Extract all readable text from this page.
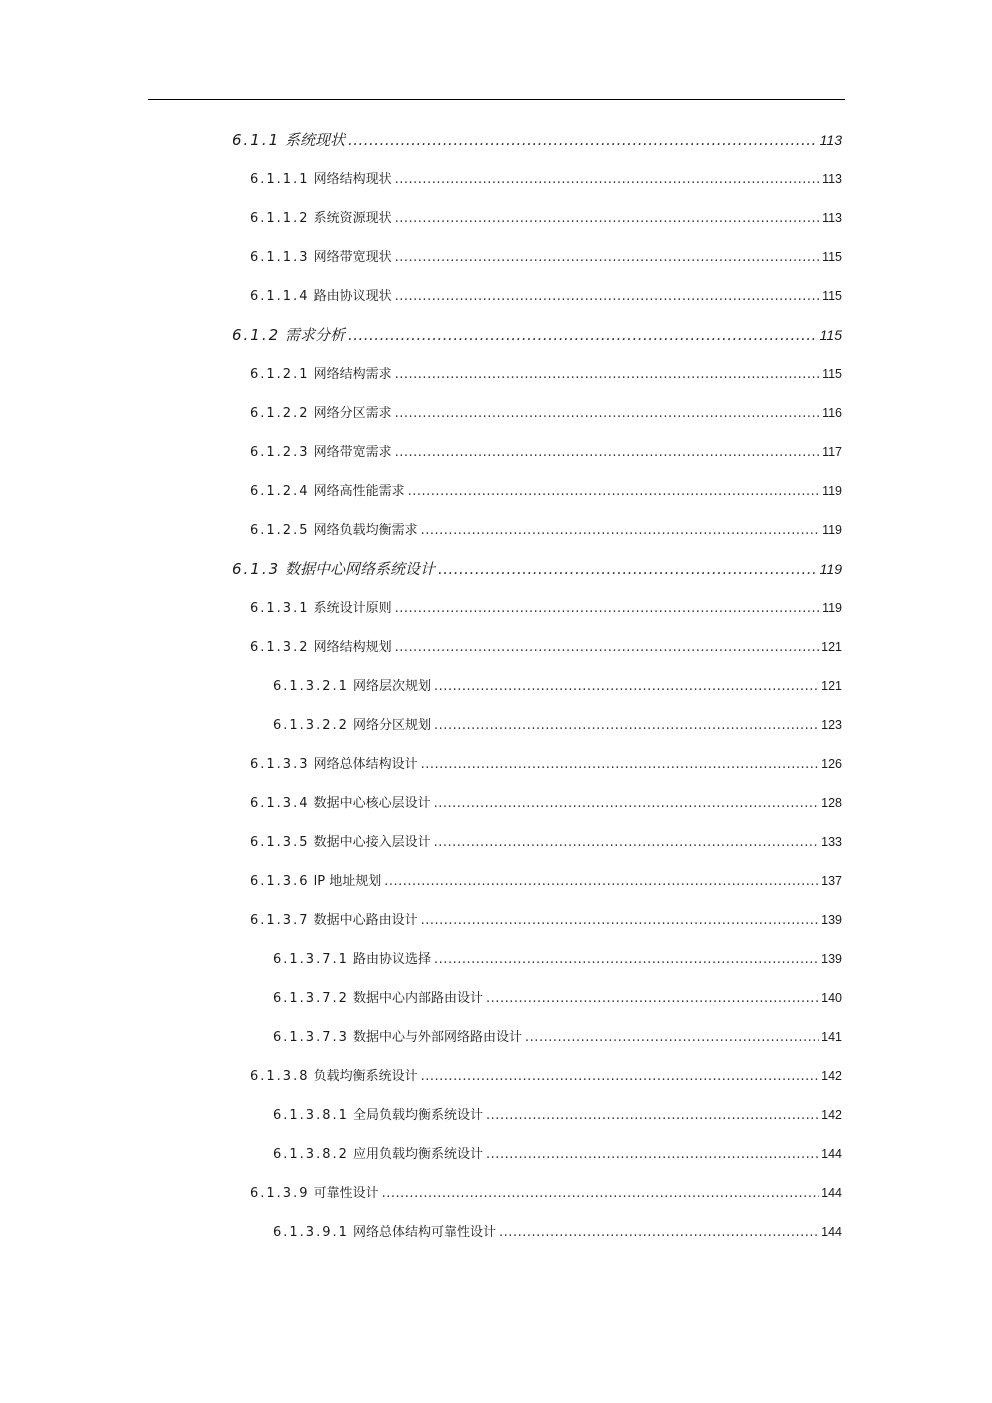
6.1.1 系统现状 .....	113
6.1.1.1 网络结构现状 .....	113
6.1.1.2 系统资源现状 .....	113
6.1.1.3 网络带宽现状 .....	115
6.1.1.4 路由协议现状 .....	115
6.1.2 需求分析 .....	115
6.1.2.1 网络结构需求 .....	115
6.1.2.2 网络分区需求 .....	116
6.1.2.3 网络带宽需求 .....	117
6.1.2.4 网络高性能需求 .....	119
6.1.2.5 网络负载均衡需求 .....	119
6.1.3 数据中心网络系统设计 .....	119
6.1.3.1 系统设计原则 .....	119
6.1.3.2 网络结构规划 .....	121
6.1.3.2.1 网络层次规划 .....	121
6.1.3.2.2 网络分区规划 .....	123
6.1.3.3 网络总体结构设计 .....	126
6.1.3.4 数据中心核心层设计 .....	128
6.1.3.5 数据中心接入层设计 .....	133
6.1.3.6 lP 地址规划 .....	137
6.1.3.7 数据中心路由设计 .....	139
6.1.3.7.1 路由协议选择 .....	139
6.1.3.7.2 数据中心内部路由设计 .....	140
6.1.3.7.3 数据中心与外部网络路由设计 .....	141
6.1.3.8 负载均衡系统设计 .....	142
6.1.3.8.1 全局负载均衡系统设计 .....	142
6.1.3.8.2 应用负载均衡系统设计 .....	144
6.1.3.9 可靠性设计 .....	144
6.1.3.9.1 网络总体结构可靠性设计 .....	144
